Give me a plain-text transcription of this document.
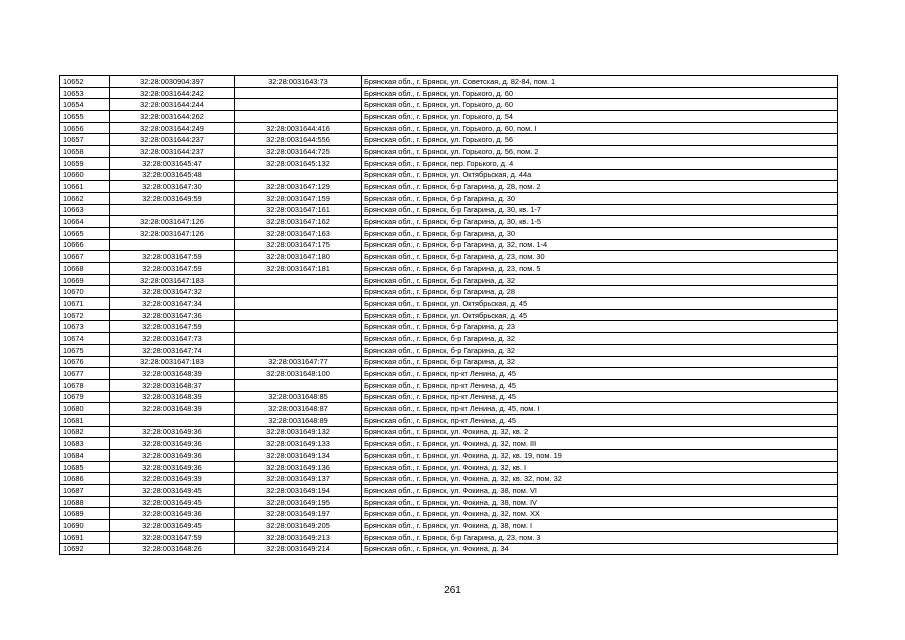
10652	32:28:0030904:397	32:28:0031643:73	Брянская обл., г. Брянск, ул. Советская, д. 82-84, пом. 1
10653	32:28:0031644:242		Брянская обл., г. Брянск, ул. Горького, д. 60
10654	32:28:0031644:244		Брянская обл., г. Брянск, ул. Горького, д. 60
10655	32:28:0031644:262		Брянская обл., г. Брянск, ул. Горького, д. 54
10656	32:28:0031644:249	32:28:0031644:416	Брянская обл., г. Брянск, ул. Горького, д. 60, пом. I
10657	32:28:0031644:237	32:28:0031644:556	Брянская обл., г. Брянск, ул. Горького, д. 56
10658	32:28:0031644:237	32:28:0031644:725	Брянская обл., г. Брянск, ул. Горького, д. 56, пом. 2
10659	32:28:0031645:47	32:28:0031645:132	Брянская обл., г. Брянск, пер. Горького, д. 4
10660	32:28:0031645:48		Брянская обл., г. Брянск, ул. Октябрьская, д. 44а
10661	32:28:0031647:30	32:28:0031647:129	Брянская обл., г. Брянск, б-р Гагарина, д. 28, пом. 2
10662	32:28:0031649:59	32:28:0031647:159	Брянская обл., г. Брянск, б-р Гагарина, д. 30
10663		32:28:0031647:161	Брянская обл., г. Брянск, б-р Гагарина, д. 30, кв. 1-7
10664	32:28:0031647:126	32:28:0031647:162	Брянская обл., г. Брянск, б-р Гагарина, д. 30, кв. 1-5
10665	32:28:0031647:126	32:28:0031647:163	Брянская обл., г. Брянск, б-р Гагарина, д. 30
10666		32:28:0031647:175	Брянская обл., г. Брянск, б-р Гагарина, д. 32, пом. 1-4
10667	32:28:0031647:59	32:28:0031647:180	Брянская обл., г. Брянск, б-р Гагарина, д. 23, пом. 30
10668	32:28:0031647:59	32:28:0031647:181	Брянская обл., г. Брянск, б-р Гагарина, д. 23, пом. 5
10669	32:28:0031647:183		Брянская обл., г. Брянск, б-р Гагарина, д. 32
10670	32:28:0031647:32		Брянская обл., г. Брянск, б-р Гагарина, д. 28
10671	32:28:0031647:34		Брянская обл., г. Брянск, ул. Октябрьская, д. 45
10672	32:28:0031647:36		Брянская обл., г. Брянск, ул. Октябрьская, д. 45
10673	32:28:0031647:59		Брянская обл., г. Брянск, б-р Гагарина, д. 23
10674	32:28:0031647:73		Брянская обл., г. Брянск, б-р Гагарина, д. 32
10675	32:28:0031647:74		Брянская обл., г. Брянск, б-р Гагарина, д. 32
10676	32:28:0031647:183	32:28:0031647:77	Брянская обл., г. Брянск, б-р Гагарина, д. 32
10677	32:28:0031648:39	32:28:0031648:100	Брянская обл., г. Брянск, пр-кт Ленина, д. 45
10678	32:28:0031648:37		Брянская обл., г. Брянск, пр-кт Ленина, д. 45
10679	32:28:0031648:39	32:28:0031648:85	Брянская обл., г. Брянск, пр-кт Ленина, д. 45
10680	32:28:0031648:39	32:28:0031648:87	Брянская обл., г. Брянск, пр-кт Ленина, д. 45, пом. I
10681		32:28:0031648:89	Брянская обл., г. Брянск, пр-кт Ленина, д. 45
10682	32:28:0031649:36	32:28:0031649:132	Брянская обл., г. Брянск, ул. Фокина, д. 32, кв. 2
10683	32:28:0031649:36	32:28:0031649:133	Брянская обл., г. Брянск, ул. Фокина, д. 32, пом. III
10684	32:28:0031649:36	32:28:0031649:134	Брянская обл., г. Брянск, ул. Фокина, д. 32, кв. 19, пом. 19
10685	32:28:0031649:36	32:28:0031649:136	Брянская обл., г. Брянск, ул. Фокина, д. 32, кв. I
10686	32:28:0031649:39	32:28:0031649:137	Брянская обл., г. Брянск, ул. Фокина, д. 32, кв. 32, пом. 32
10687	32:28:0031649:45	32:28:0031649:194	Брянская обл., г. Брянск, ул. Фокина, д. 38, пом. VI
10688	32:28:0031649:45	32:28:0031649:195	Брянская обл., г. Брянск, ул. Фокина, д. 38, пом. IV
10689	32:28:0031649:36	32:28:0031649:197	Брянская обл., г. Брянск, ул. Фокина, д. 32, пом. XX
10690	32:28:0031649:45	32:28:0031649:205	Брянская обл., г. Брянск, ул. Фокина, д. 38, пом. I
10691	32:28:0031647:59	32:28:0031649:213	Брянская обл., г. Брянск, б-р Гагарина, д. 23, пом. 3
10692	32:28:0031648:26	32:28:0031649:214	Брянская обл., г. Брянск, ул. Фокина, д. 34
261
